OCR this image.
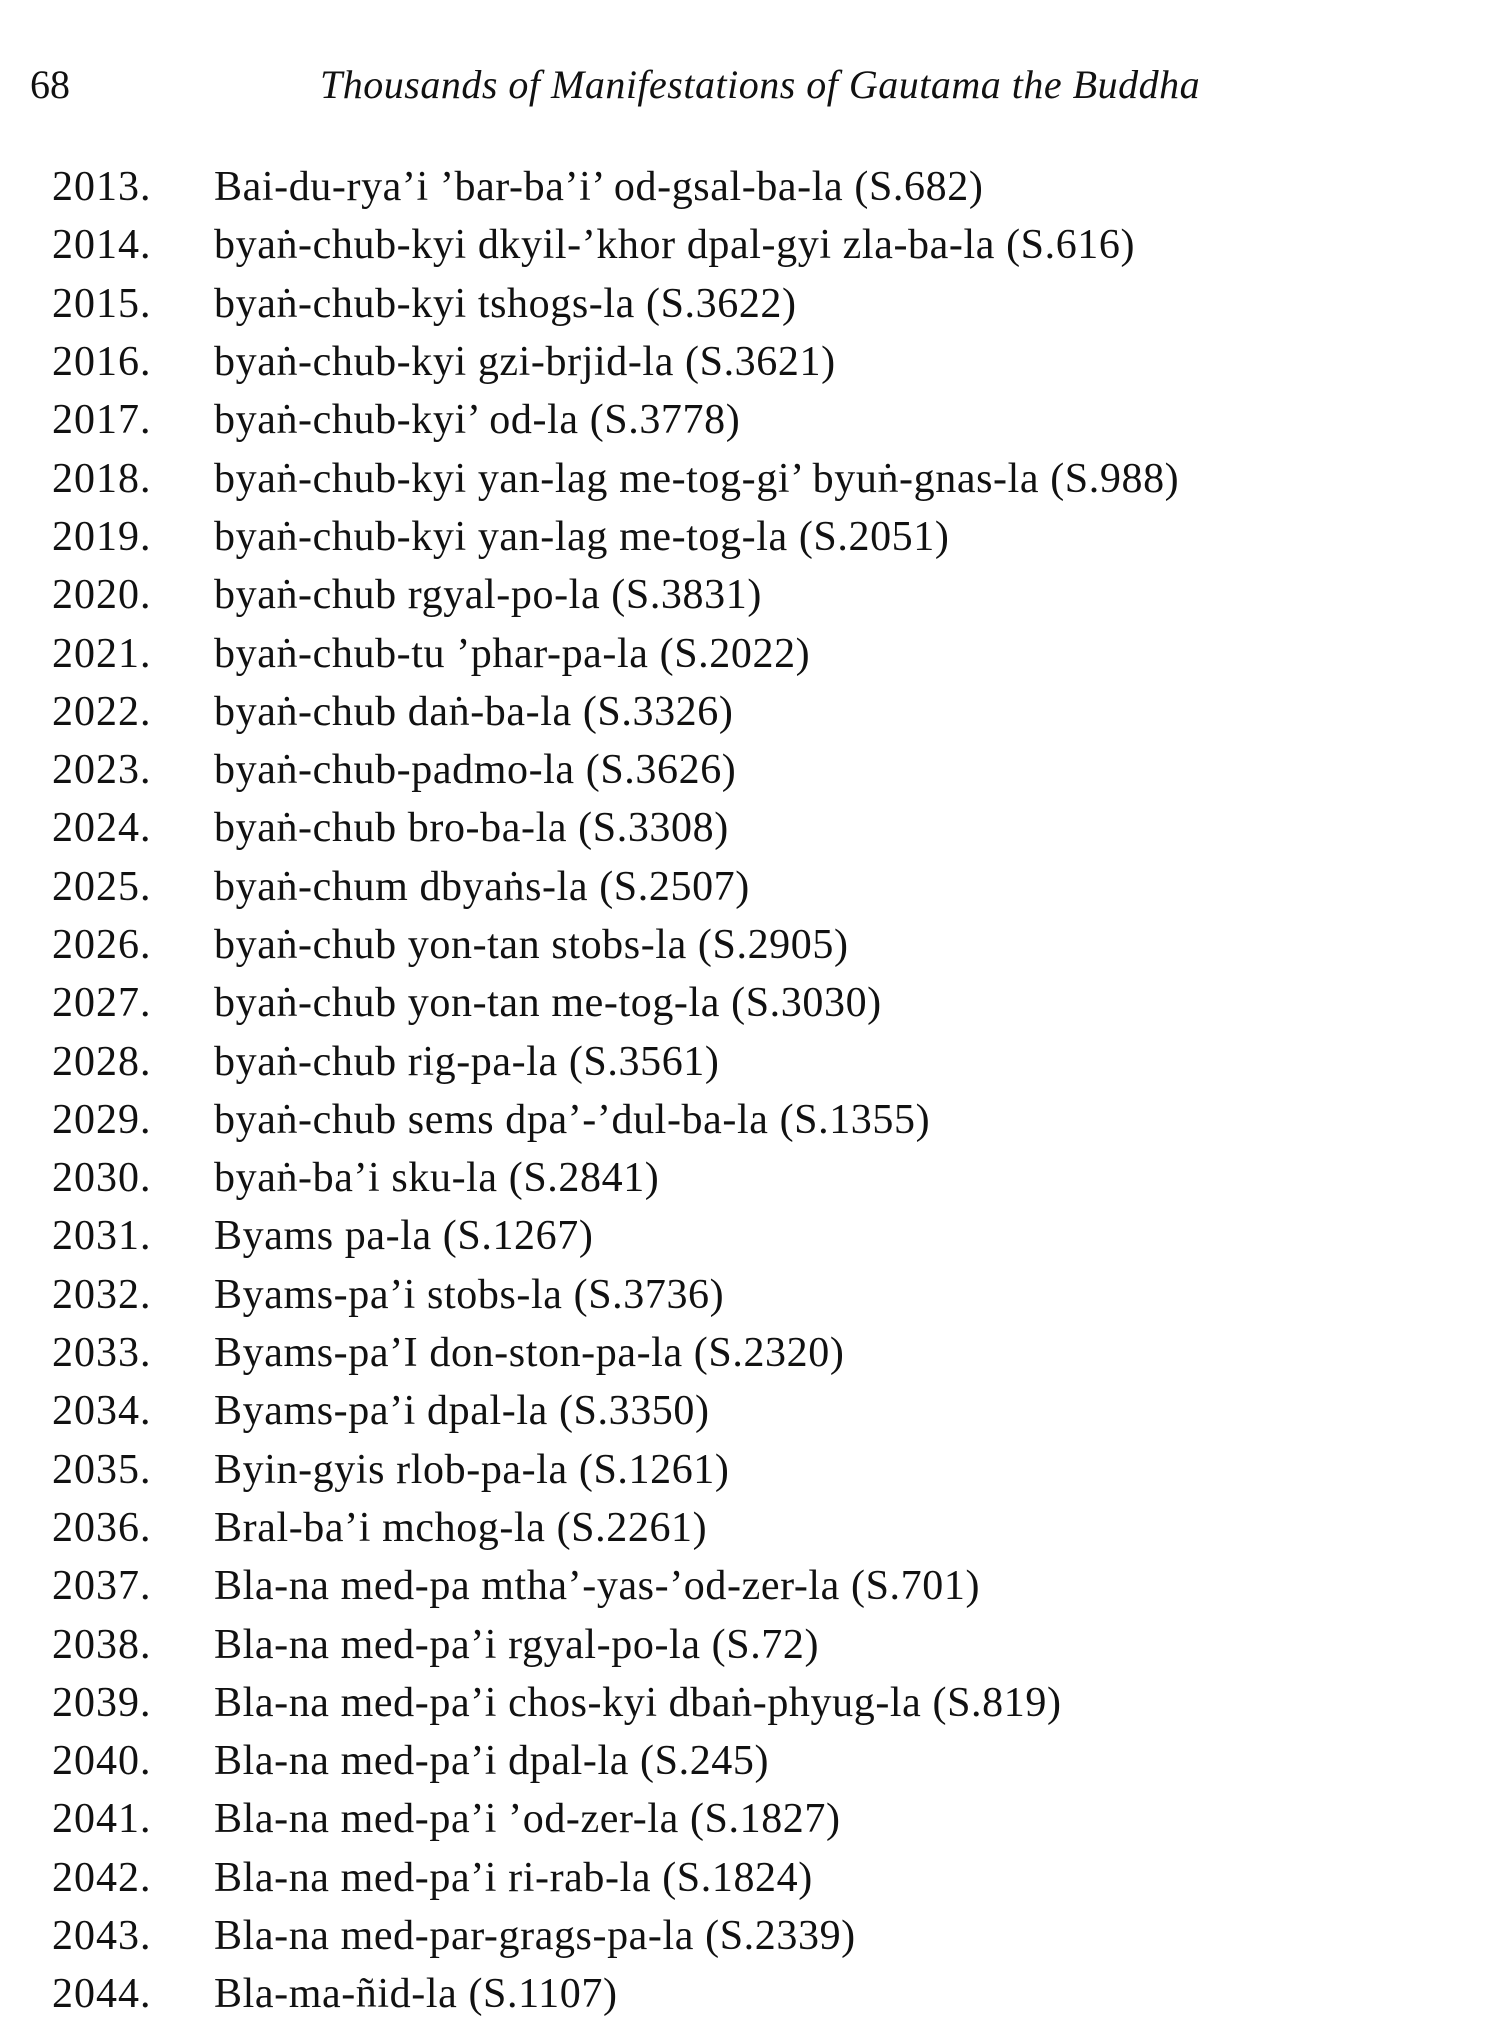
68	Thousands of Manifestations of Gautama the Buddha
2013.	Bai-du-rya’i ’bar-ba’i’ od-gsal-ba-la (S.682)
2014.	byaṅ-chub-kyi dkyil-’khor dpal-gyi zla-ba-la (S.616)
2015.	byaṅ-chub-kyi tshogs-la (S.3622)
2016.	byaṅ-chub-kyi gzi-brjid-la (S.3621)
2017.	byaṅ-chub-kyi’ od-la (S.3778)
2018.	byaṅ-chub-kyi yan-lag me-tog-gi’ byuṅ-gnas-la (S.988)
2019.	byaṅ-chub-kyi yan-lag me-tog-la (S.2051)
2020.	byaṅ-chub rgyal-po-la (S.3831)
2021.	byaṅ-chub-tu ’phar-pa-la (S.2022)
2022.	byaṅ-chub daṅ-ba-la (S.3326)
2023.	byaṅ-chub-padmo-la (S.3626)
2024.	byaṅ-chub bro-ba-la (S.3308)
2025.	byaṅ-chum dbyaṅs-la (S.2507)
2026.	byaṅ-chub yon-tan stobs-la (S.2905)
2027.	byaṅ-chub yon-tan me-tog-la (S.3030)
2028.	byaṅ-chub rig-pa-la (S.3561)
2029.	byaṅ-chub sems dpa’-’dul-ba-la (S.1355)
2030.	byaṅ-ba’i sku-la (S.2841)
2031.	Byams pa-la (S.1267)
2032.	Byams-pa’i stobs-la (S.3736)
2033.	Byams-pa’I don-ston-pa-la (S.2320)
2034.	Byams-pa’i dpal-la (S.3350)
2035.	Byin-gyis rlob-pa-la (S.1261)
2036.	Bral-ba’i mchog-la (S.2261)
2037.	Bla-na med-pa mtha’-yas-’od-zer-la (S.701)
2038.	Bla-na med-pa’i rgyal-po-la (S.72)
2039.	Bla-na med-pa’i chos-kyi dbaṅ-phyug-la (S.819)
2040.	Bla-na med-pa’i dpal-la (S.245)
2041.	Bla-na med-pa’i ’od-zer-la (S.1827)
2042.	Bla-na med-pa’i ri-rab-la (S.1824)
2043.	Bla-na med-par-grags-pa-la (S.2339)
2044.	Bla-ma-ñid-la (S.1107)
